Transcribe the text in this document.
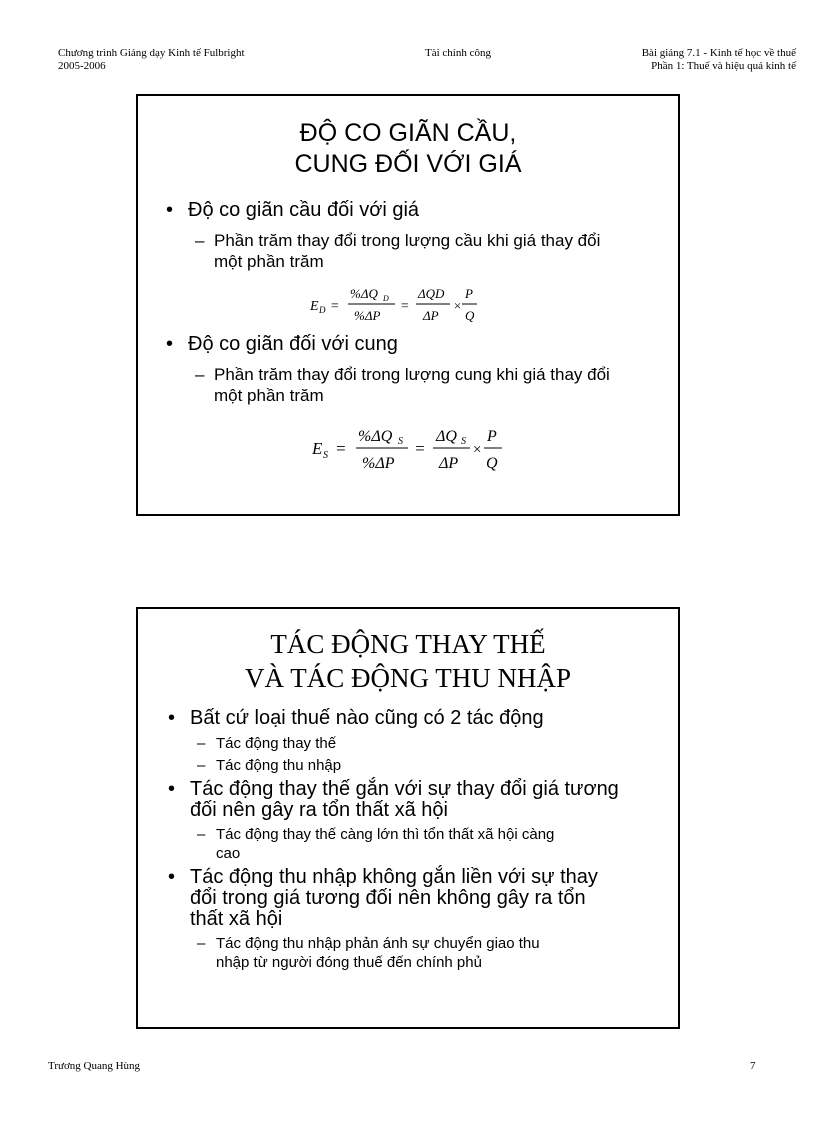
Chương trình Giảng dạy Kinh tế Fulbright
2005-2006
Tài chính công	Bài giảng 7.1 - Kinh tế học về thuế
Phần 1: Thuế và hiệu quả kinh tế
ĐỘ CO GIÃN CẦU,
CUNG ĐỐI VỚI GIÁ
• Độ co giãn cầu đối với giá
– Phần trăm thay đổi trong lượng cầu khi giá thay đổi
một phần trăm
E D =
%ΔQ D
%ΔP
=
ΔQD
ΔP
×
P
Q
• Độ co giãn đối với cung
– Phần trăm thay đổi trong lượng cung khi giá thay đổi
một phần trăm
E S =
%ΔQ S
%ΔP
=
ΔQ S
ΔP
×
P
Q
TÁC ĐỘNG THAY THẾ
VÀ TÁC ĐỘNG THU NHẬP
• Bất cứ loại thuế nào cũng có 2 tác động
– Tác động thay thế
– Tác động thu nhập
• Tác động thay thế gắn với sự thay đổi giá tương
đối nên gây ra tổn thất xã hội
– Tác động thay thế càng lớn thì tổn thất xã hội càng
cao
• Tác động thu nhập không gắn liền với sự thay
đổi trong giá tương đối nên không gây ra tổn
thất xã hội
– Tác động thu nhập phản ánh sự chuyển giao thu
nhập từ người đóng thuế đến chính phủ
Trương Quang Hùng	7
